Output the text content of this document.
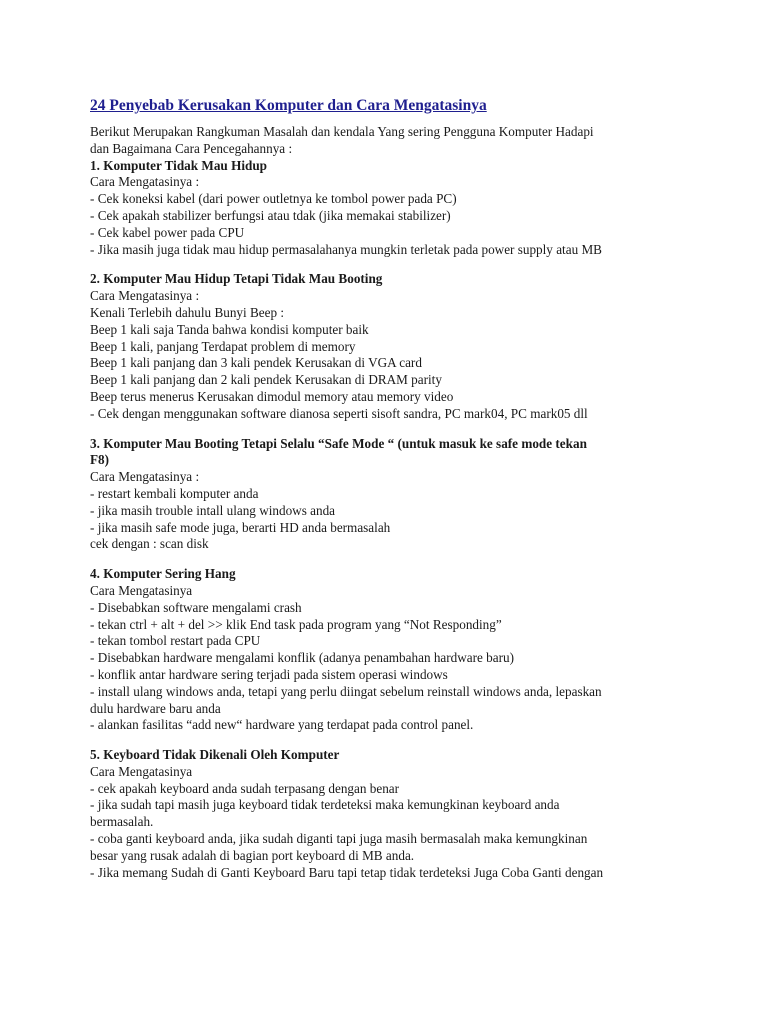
24 Penyebab Kerusakan Komputer dan Cara Mengatasinya
Berikut Merupakan Rangkuman Masalah dan kendala Yang sering Pengguna Komputer Hadapi
dan Bagaimana Cara Pencegahannya :
1. Komputer Tidak Mau Hidup
Cara Mengatasinya :
- Cek koneksi kabel (dari power outletnya ke tombol power pada PC)
- Cek apakah stabilizer berfungsi atau tdak (jika memakai stabilizer)
- Cek kabel power pada CPU
- Jika masih juga tidak mau hidup permasalahanya mungkin terletak pada power supply atau MB
2. Komputer Mau Hidup Tetapi Tidak Mau Booting
Cara Mengatasinya :
Kenali Terlebih dahulu Bunyi Beep :
Beep 1 kali saja Tanda bahwa kondisi komputer baik
Beep 1 kali, panjang Terdapat problem di memory
Beep 1 kali panjang dan 3 kali pendek Kerusakan di VGA card
Beep 1 kali panjang dan 2 kali pendek Kerusakan di DRAM parity
Beep terus menerus Kerusakan dimodul memory atau memory video
- Cek dengan menggunakan software dianosa seperti sisoft sandra, PC mark04, PC mark05 dll
3. Komputer Mau Booting Tetapi Selalu “Safe Mode “ (untuk masuk ke safe mode tekan
F8)
Cara Mengatasinya :
- restart kembali komputer anda
- jika masih trouble intall ulang windows anda
- jika masih safe mode juga, berarti HD anda bermasalah
cek dengan : scan disk
4. Komputer Sering Hang
Cara Mengatasinya
- Disebabkan software mengalami crash
- tekan ctrl + alt + del >> klik End task pada program yang “Not Responding”
- tekan tombol restart pada CPU
- Disebabkan hardware mengalami konflik (adanya penambahan hardware baru)
- konflik antar hardware sering terjadi pada sistem operasi windows
- install ulang windows anda, tetapi yang perlu diingat sebelum reinstall windows anda, lepaskan
dulu hardware baru anda
- alankan fasilitas “add new“ hardware yang terdapat pada control panel.
5. Keyboard Tidak Dikenali Oleh Komputer
Cara Mengatasinya
- cek apakah keyboard anda sudah terpasang dengan benar
- jika sudah tapi masih juga keyboard tidak terdeteksi maka kemungkinan keyboard anda
bermasalah.
- coba ganti keyboard anda, jika sudah diganti tapi juga masih bermasalah maka kemungkinan
besar yang rusak adalah di bagian port keyboard di MB anda.
- Jika memang Sudah di Ganti Keyboard Baru tapi tetap tidak terdeteksi Juga Coba Ganti dengan
